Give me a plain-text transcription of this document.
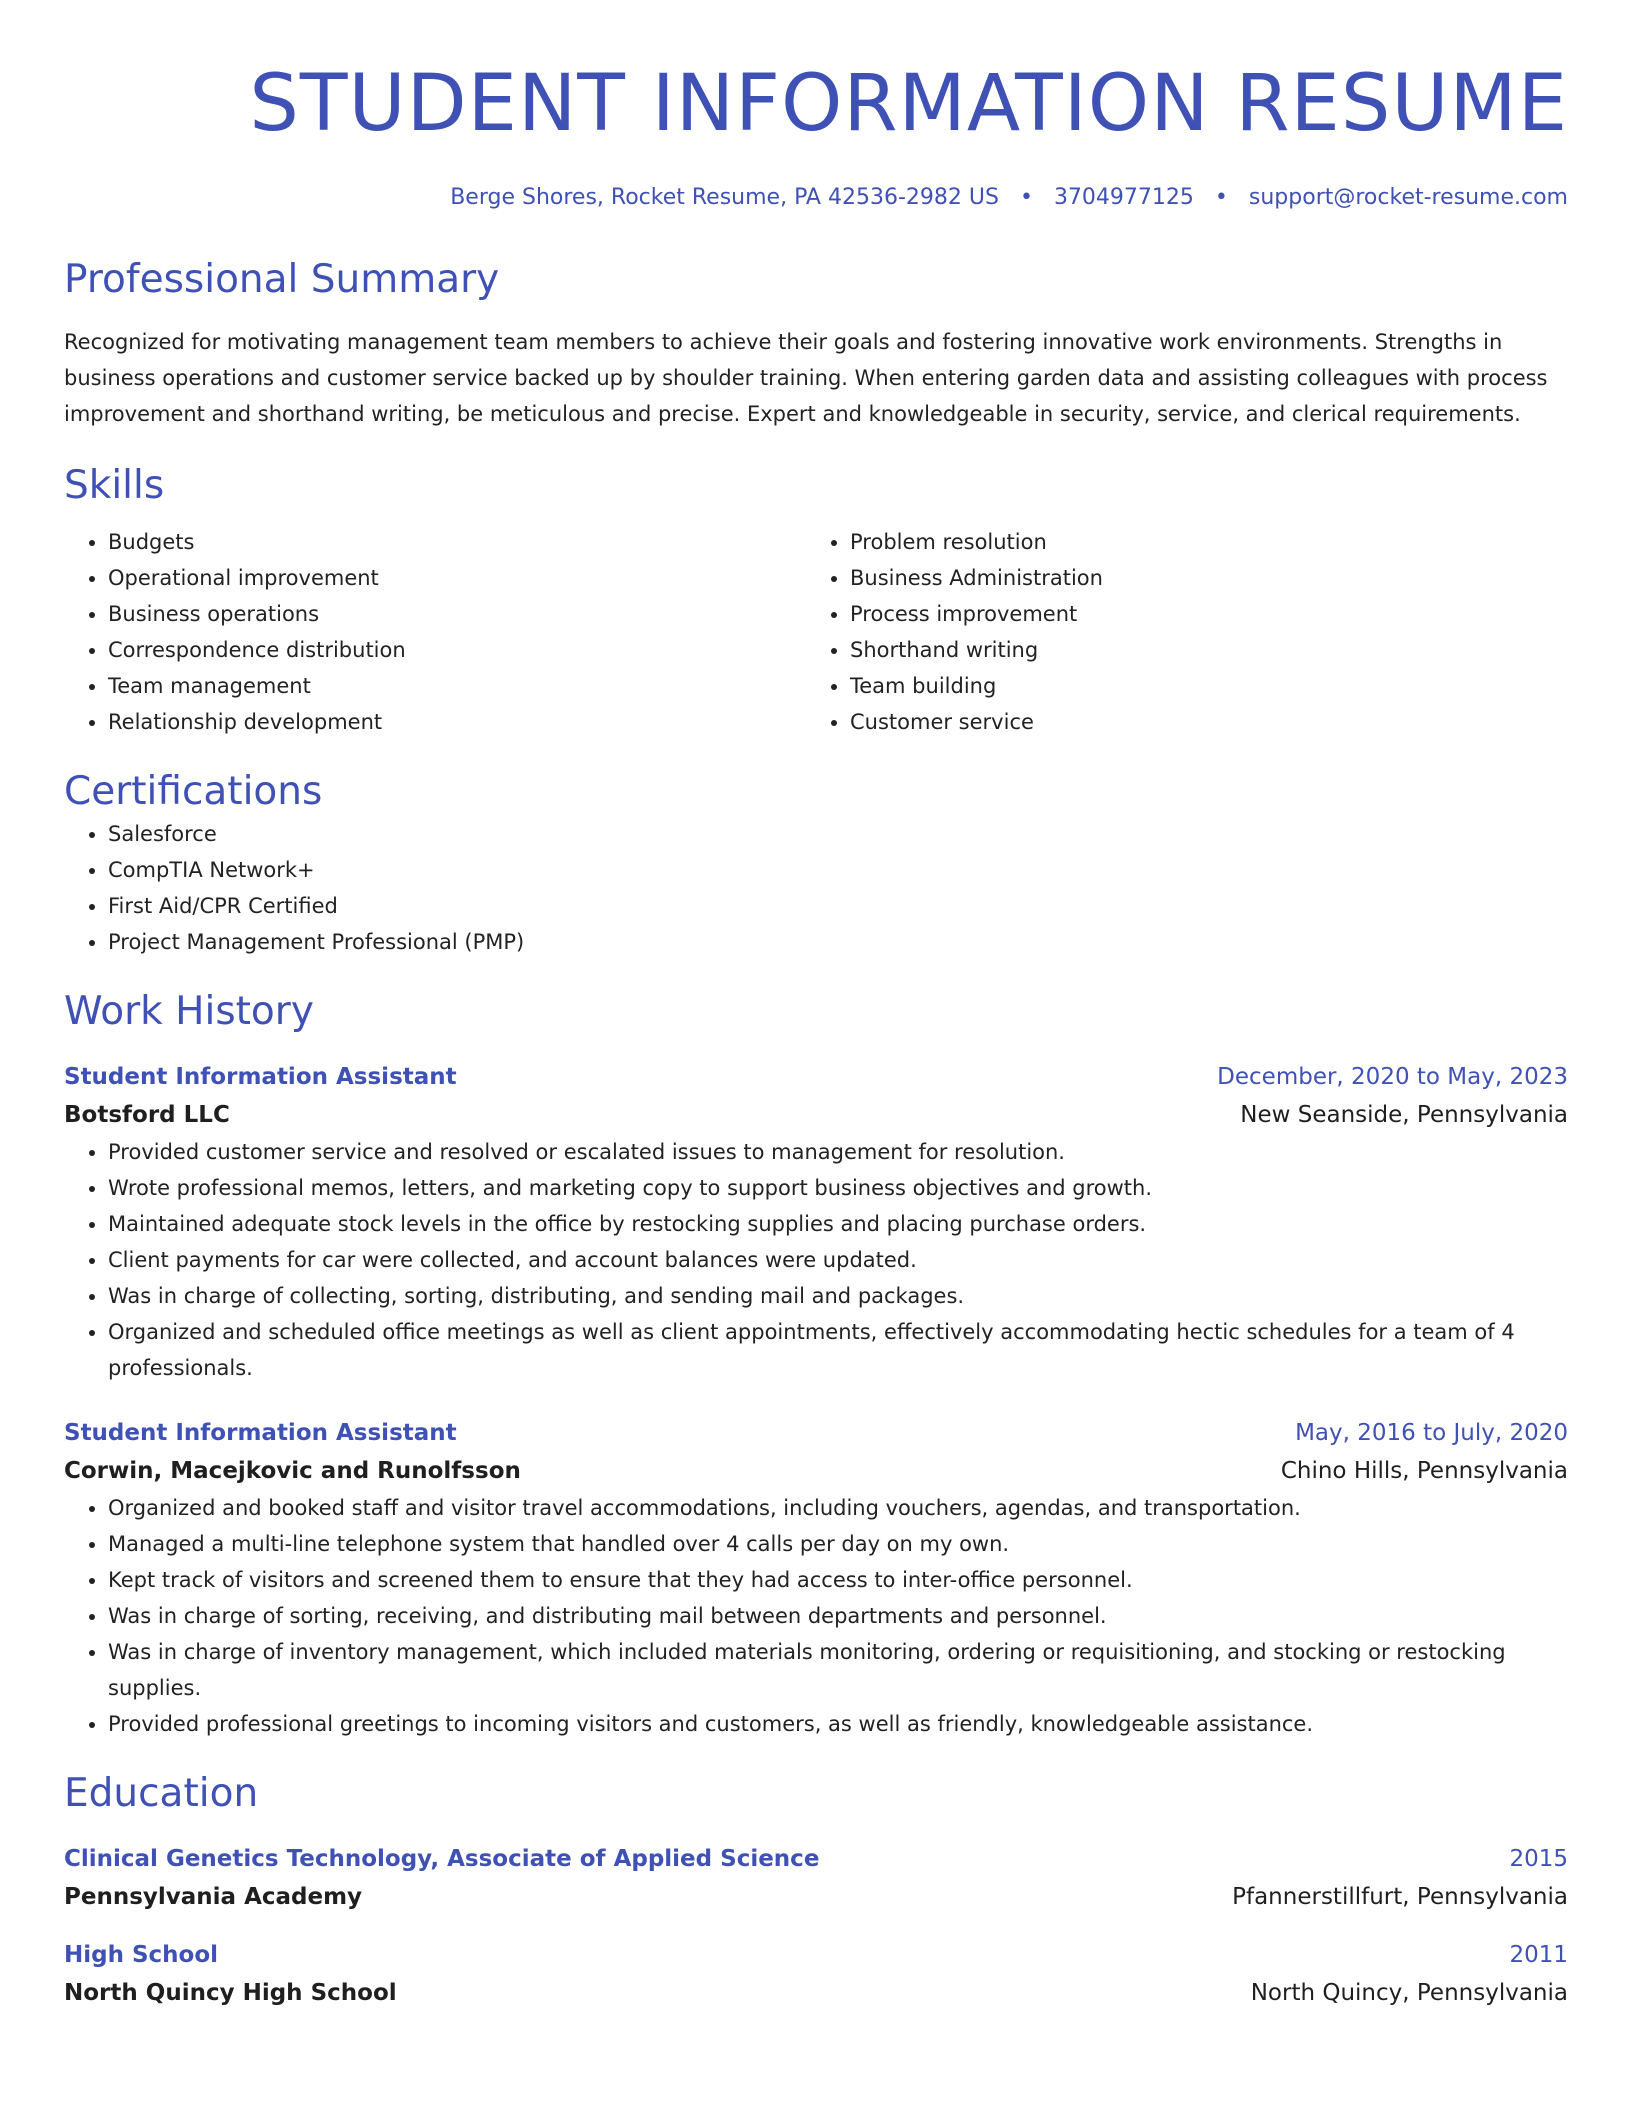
STUDENT INFORMATION RESUME
Berge Shores, Rocket Resume, PA 42536-2982 US • 3704977125 • support@rocket-resume.com
Professional Summary
Recognized for motivating management team members to achieve their goals and fostering innovative work environments. Strengths in business operations and customer service backed up by shoulder training. When entering garden data and assisting colleagues with process improvement and shorthand writing, be meticulous and precise. Expert and knowledgeable in security, service, and clerical requirements.
Skills
• Budgets
• Operational improvement
• Business operations
• Correspondence distribution
• Team management
• Relationship development
• Problem resolution
• Business Administration
• Process improvement
• Shorthand writing
• Team building
• Customer service
Certifications
• Salesforce
• CompTIA Network+
• First Aid/CPR Certified
• Project Management Professional (PMP)
Work History
Student Information Assistant	December, 2020 to May, 2023
Botsford LLC	New Seanside, Pennsylvania
• Provided customer service and resolved or escalated issues to management for resolution.
• Wrote professional memos, letters, and marketing copy to support business objectives and growth.
• Maintained adequate stock levels in the office by restocking supplies and placing purchase orders.
• Client payments for car were collected, and account balances were updated.
• Was in charge of collecting, sorting, distributing, and sending mail and packages.
• Organized and scheduled office meetings as well as client appointments, effectively accommodating hectic schedules for a team of 4 professionals.
Student Information Assistant	May, 2016 to July, 2020
Corwin, Macejkovic and Runolfsson	Chino Hills, Pennsylvania
• Organized and booked staff and visitor travel accommodations, including vouchers, agendas, and transportation.
• Managed a multi-line telephone system that handled over 4 calls per day on my own.
• Kept track of visitors and screened them to ensure that they had access to inter-office personnel.
• Was in charge of sorting, receiving, and distributing mail between departments and personnel.
• Was in charge of inventory management, which included materials monitoring, ordering or requisitioning, and stocking or restocking supplies.
• Provided professional greetings to incoming visitors and customers, as well as friendly, knowledgeable assistance.
Education
Clinical Genetics Technology, Associate of Applied Science	2015
Pennsylvania Academy	Pfannerstillfurt, Pennsylvania
High School	2011
North Quincy High School	North Quincy, Pennsylvania
